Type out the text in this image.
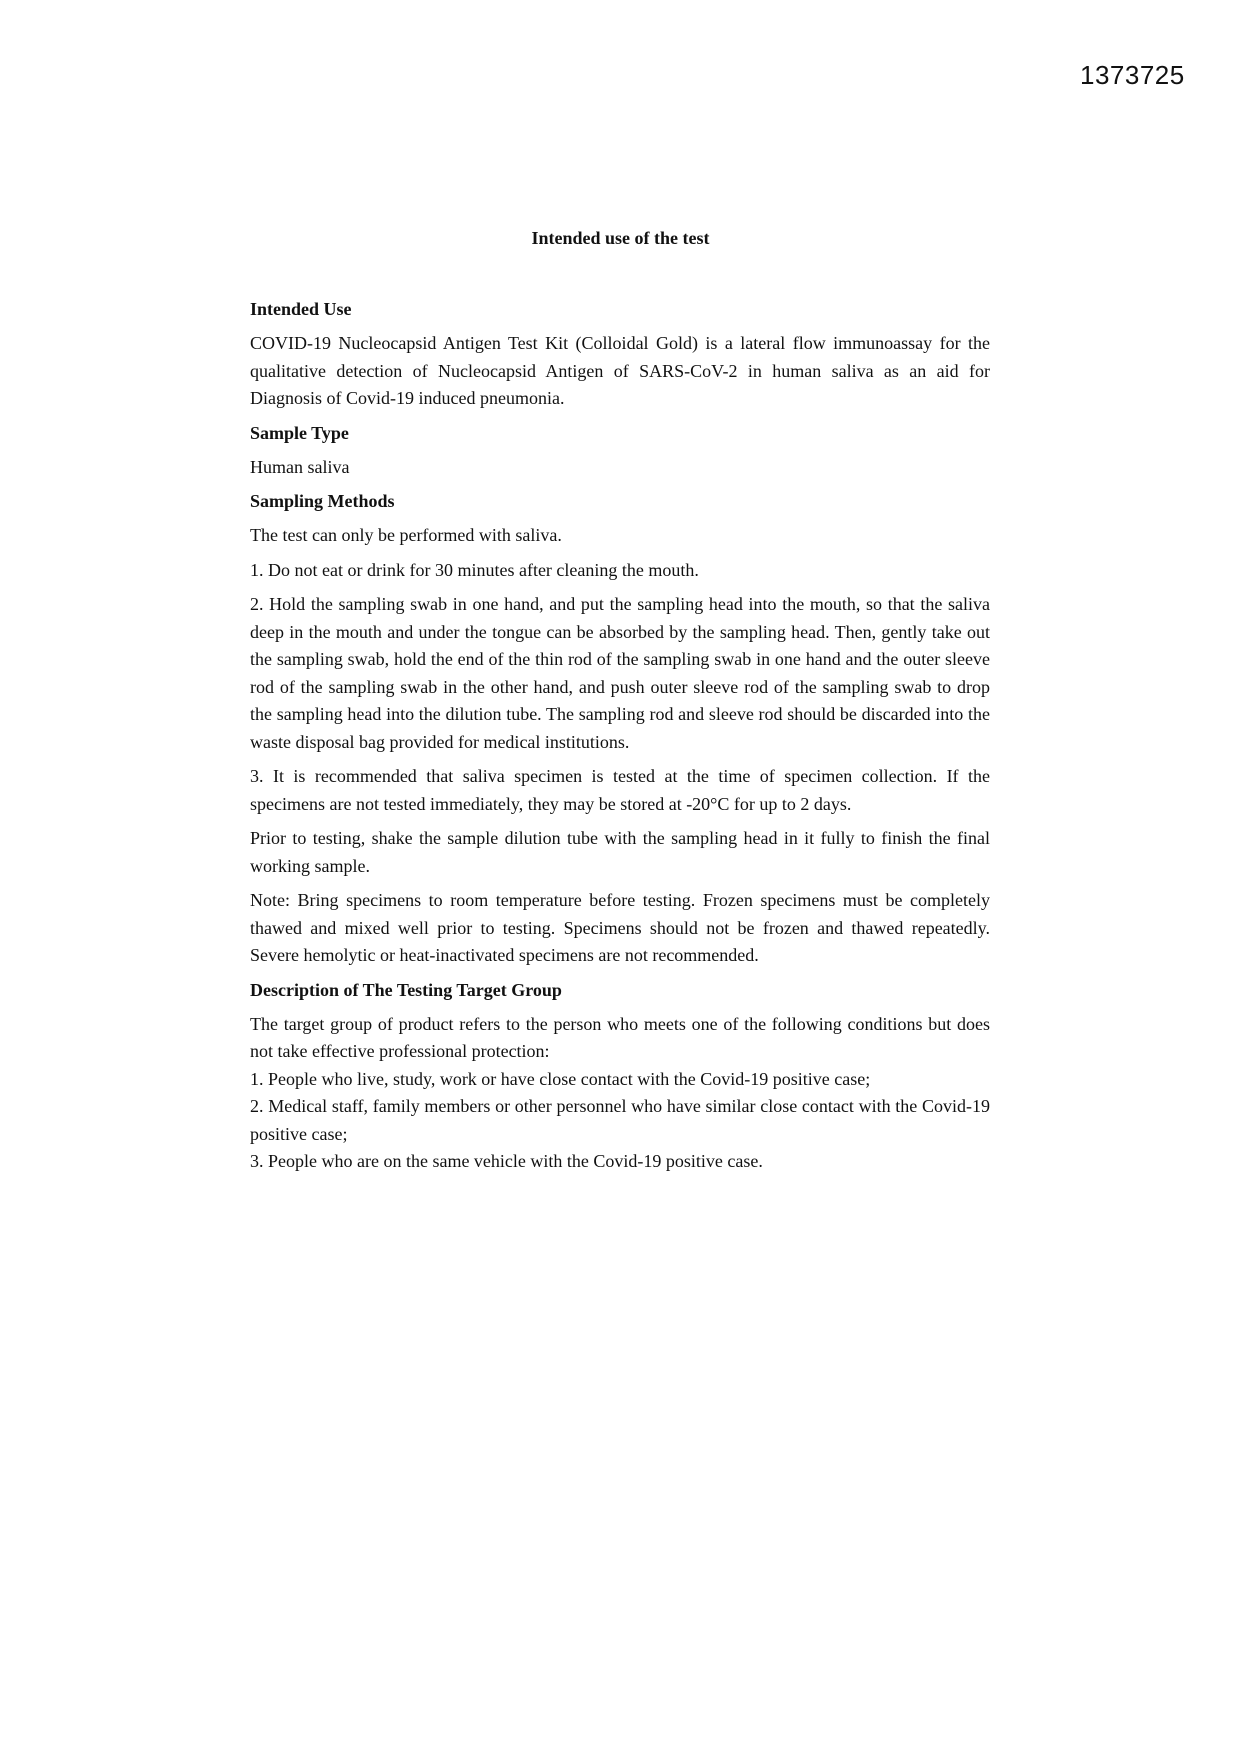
1373725
Intended use of the test
Intended Use

COVID-19 Nucleocapsid Antigen Test Kit (Colloidal Gold) is a lateral flow immunoassay for the qualitative detection of Nucleocapsid Antigen of SARS-CoV-2 in human saliva as an aid for Diagnosis of Covid-19 induced pneumonia.

Sample Type

Human saliva

Sampling Methods

The test can only be performed with saliva.

1. Do not eat or drink for 30 minutes after cleaning the mouth.

2. Hold the sampling swab in one hand, and put the sampling head into the mouth, so that the saliva deep in the mouth and under the tongue can be absorbed by the sampling head. Then, gently take out the sampling swab, hold the end of the thin rod of the sampling swab in one hand and the outer sleeve rod of the sampling swab in the other hand, and push outer sleeve rod of the sampling swab to drop the sampling head into the dilution tube. The sampling rod and sleeve rod should be discarded into the waste disposal bag provided for medical institutions.

3. It is recommended that saliva specimen is tested at the time of specimen collection. If the specimens are not tested immediately, they may be stored at -20°C for up to 2 days.

Prior to testing, shake the sample dilution tube with the sampling head in it fully to finish the final working sample.

Note: Bring specimens to room temperature before testing. Frozen specimens must be completely thawed and mixed well prior to testing. Specimens should not be frozen and thawed repeatedly. Severe hemolytic or heat-inactivated specimens are not recommended.

Description of The Testing Target Group

The target group of product refers to the person who meets one of the following conditions but does not take effective professional protection:

1. People who live, study, work or have close contact with the Covid-19 positive case;

2. Medical staff, family members or other personnel who have similar close contact with the Covid-19 positive case;

3. People who are on the same vehicle with the Covid-19 positive case.
